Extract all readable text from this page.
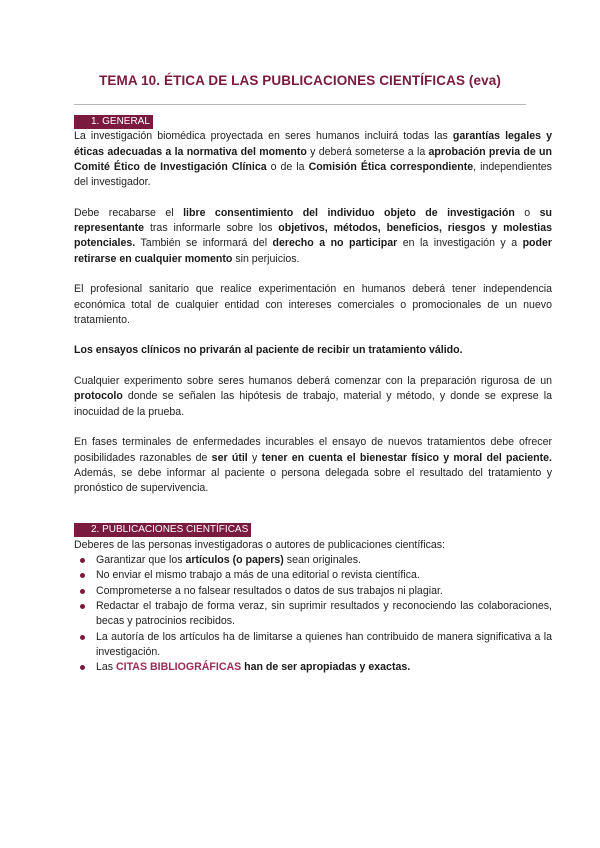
TEMA 10. ÉTICA DE LAS PUBLICACIONES CIENTÍFICAS (eva)
1. GENERAL

La investigación biomédica proyectada en seres humanos incluirá todas las garantías legales y éticas adecuadas a la normativa del momento y deberá someterse a la aprobación previa de un Comité Ético de Investigación Clínica o de la Comisión Ética correspondiente, independientes del investigador.

Debe recabarse el libre consentimiento del individuo objeto de investigación o su representante tras informarle sobre los objetivos, métodos, beneficios, riesgos y molestias potenciales. También se informará del derecho a no participar en la investigación y a poder retirarse en cualquier momento sin perjuicios.

El profesional sanitario que realice experimentación en humanos deberá tener independencia económica total de cualquier entidad con intereses comerciales o promocionales de un nuevo tratamiento.

Los ensayos clínicos no privarán al paciente de recibir un tratamiento válido.

Cualquier experimento sobre seres humanos deberá comenzar con la preparación rigurosa de un protocolo donde se señalen las hipótesis de trabajo, material y método, y donde se exprese la inocuidad de la prueba.

En fases terminales de enfermedades incurables el ensayo de nuevos tratamientos debe ofrecer posibilidades razonables de ser útil y tener en cuenta el bienestar físico y moral del paciente. Además, se debe informar al paciente o persona delegada sobre el resultado del tratamiento y pronóstico de supervivencia.

2. PUBLICACIONES CIENTÍFICAS

Deberes de las personas investigadoras o autores de publicaciones científicas:

Garantizar que los artículos (o papers) sean originales.
No enviar el mismo trabajo a más de una editorial o revista científica.
Comprometerse a no falsear resultados o datos de sus trabajos ni plagiar.
Redactar el trabajo de forma veraz, sin suprimir resultados y reconociendo las colaboraciones, becas y patrocinios recibidos.
La autoría de los artículos ha de limitarse a quienes han contribuido de manera significativa a la investigación.
Las CITAS BIBLIOGRÁFICAS han de ser apropiadas y exactas.
